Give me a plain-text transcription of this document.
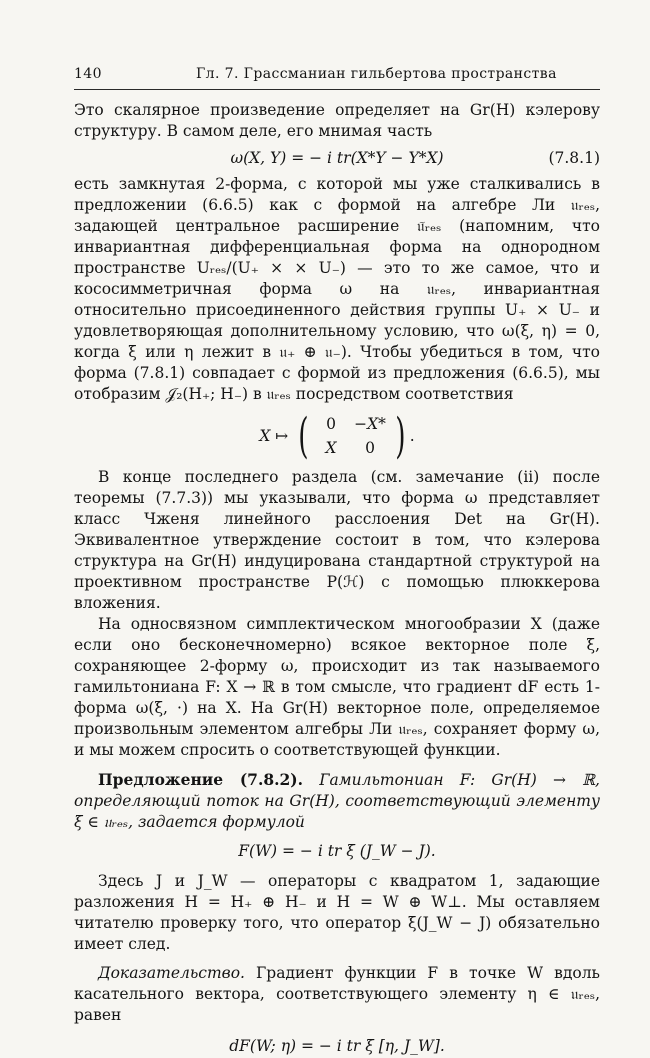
140	Гл. 7. Грассманиан гильбертова пространства

Это скалярное произведение определяет на Gr(H) кэлерову структуру. В самом деле, его мнимая часть

ω(X, Y) = − i tr(X*Y − Y*X)	(7.8.1)

есть замкнутая 2-форма, с которой мы уже сталкивались в предложении (6.6.5) как с формой на алгебре Ли 𝔲ᵣₑₛ, задающей центральное расширение 𝔲̃ᵣₑₛ (напомним, что инвариантная дифференциальная форма на однородном пространстве Uᵣₑₛ/(U₊ × × U₋) — это то же самое, что и кососимметричная форма ω на 𝔲ᵣₑₛ, инвариантная относительно присоединенного действия группы U₊ × U₋ и удовлетворяющая дополнительному условию, что ω(ξ, η) = 0, когда ξ или η лежит в 𝔲₊ ⊕ 𝔲₋). Чтобы убедиться в том, что форма (7.8.1) совпадает с формой из предложения (6.6.5), мы отобразим 𝒥₂(H₊; H₋) в 𝔲ᵣₑₛ посредством соответствия

X ↦ (	0	−X*
X	0 ) .

В конце последнего раздела (см. замечание (ii) после теоремы (7.7.3)) мы указывали, что форма ω представляет класс Чженя линейного расслоения Det на Gr(H). Эквивалентное утверждение состоит в том, что кэлерова структура на Gr(H) индуцирована стандартной структурой на проективном пространстве P(ℋ) с помощью плюккерова вложения.

На односвязном симплектическом многообразии X (даже если оно бесконечномерно) всякое векторное поле ξ, сохраняющее 2-форму ω, происходит из так называемого гамильтониана F: X → ℝ в том смысле, что градиент dF есть 1-форма ω(ξ, ·) на X. На Gr(H) векторное поле, определяемое произвольным элементом алгебры Ли 𝔲ᵣₑₛ, сохраняет форму ω, и мы можем спросить о соответствующей функции.

Предложение (7.8.2). Гамильтониан F: Gr(H) → ℝ, определяющий поток на Gr(H), соответствующий элементу ξ ∈ 𝔲ᵣₑₛ, задается формулой

F(W) = − i tr ξ (J_W − J).

Здесь J и J_W — операторы с квадратом 1, задающие разложения H = H₊ ⊕ H₋ и H = W ⊕ W⊥. Мы оставляем читателю проверку того, что оператор ξ(J_W − J) обязательно имеет след.

Доказательство. Градиент функции F в точке W вдоль касательного вектора, соответствующего элементу η ∈ 𝔲ᵣₑₛ, равен

dF(W; η) = − i tr ξ [η, J_W].
